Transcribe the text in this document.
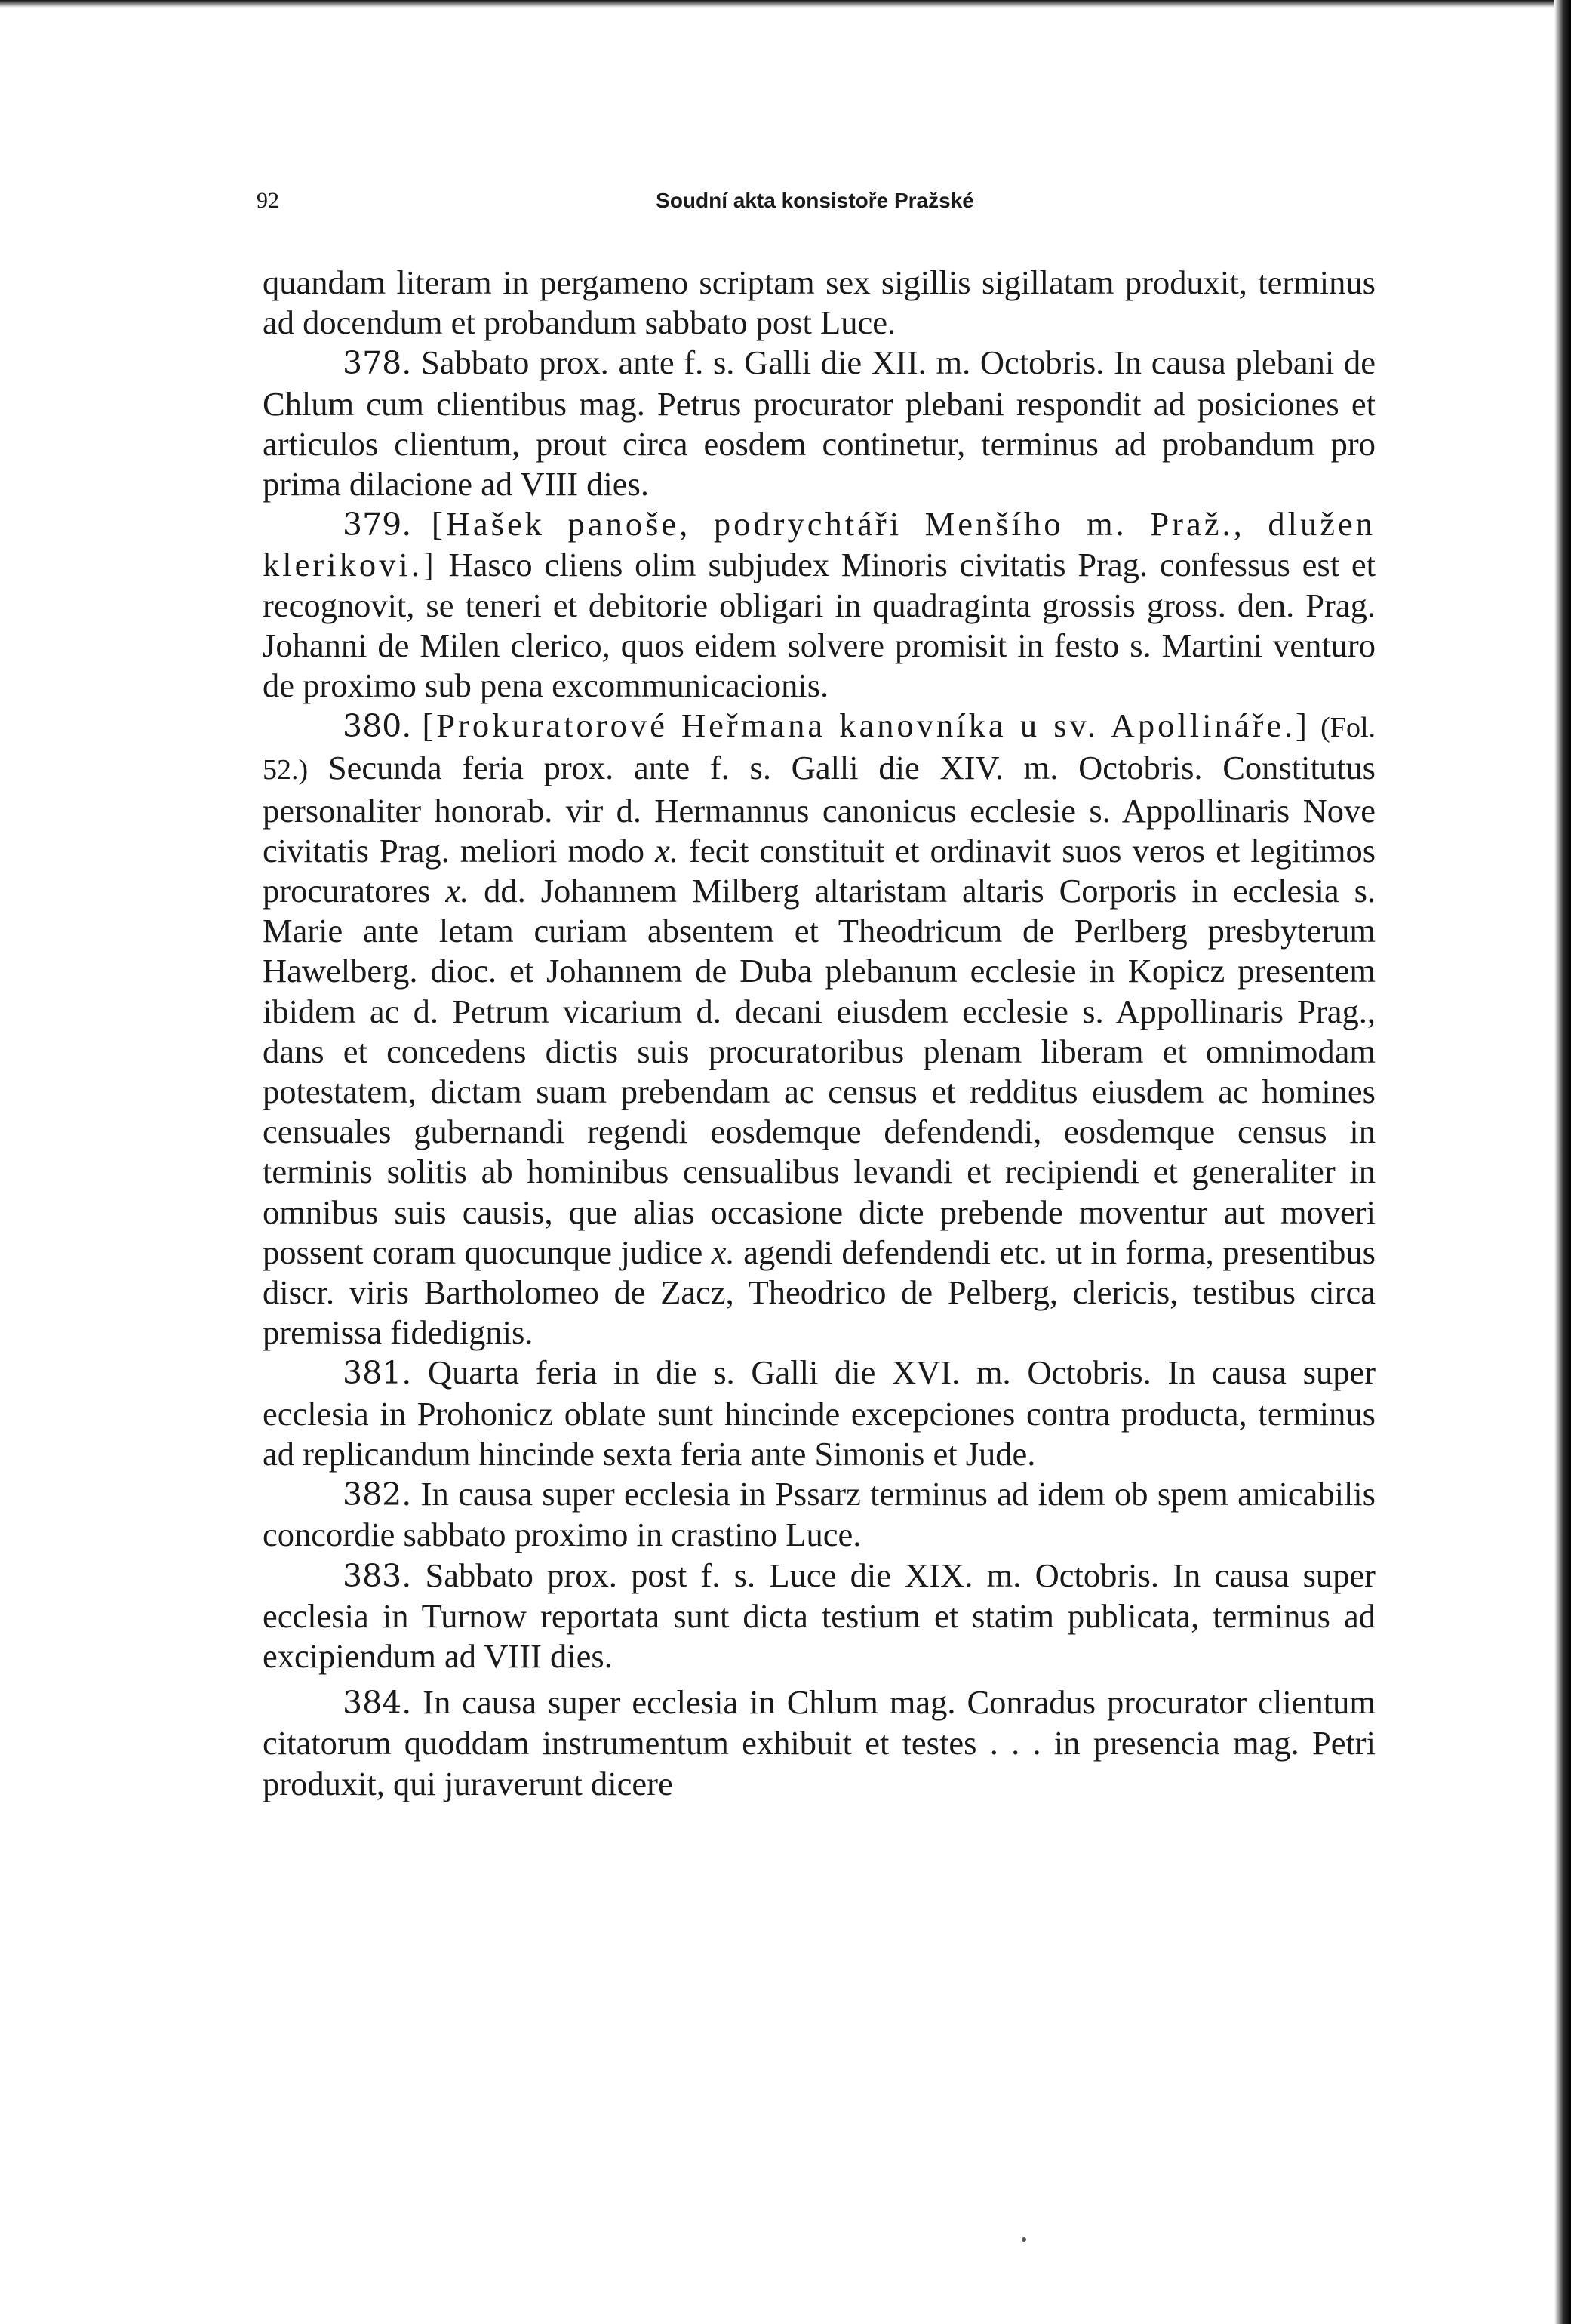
92	Soudní akta konsistoře Pražské

quandam literam in pergameno scriptam sex sigillis sigillatam produxit, terminus ad docendum et probandum sabbato post Luce.

378. Sabbato prox. ante f. s. Galli die XII. m. Octobris. In causa plebani de Chlum cum clientibus mag. Petrus procurator plebani respondit ad posiciones et articulos clientum, prout circa eosdem continetur, terminus ad probandum pro prima dilacione ad VIII dies.

379. [Hašek panoše, podrychtáři Menšího m. Praž., dlužen klerikovi.] Hasco cliens olim subjudex Minoris civitatis Prag. confessus est et recognovit, se teneri et debitorie obligari in quadraginta grossis gross. den. Prag. Johanni de Milen clerico, quos eidem solvere promisit in festo s. Martini venturo de proximo sub pena excommunicacionis.

380. [Prokuratorové Heřmana kanovníka u sv. Apollináře.] (Fol. 52.) Secunda feria prox. ante f. s. Galli die XIV. m. Octobris. Constitutus personaliter honorab. vir d. Hermannus canonicus ecclesie s. Appollinaris Nove civitatis Prag. meliori modo x. fecit constituit et ordinavit suos veros et legitimos procuratores x. dd. Johannem Milberg altaristam altaris Corporis in ecclesia s. Marie ante letam curiam absentem et Theodricum de Perlberg presbyterum Hawelberg. dioc. et Johannem de Duba plebanum ecclesie in Kopicz presentem ibidem ac d. Petrum vicarium d. decani eiusdem ecclesie s. Appollinaris Prag., dans et concedens dictis suis procuratoribus plenam liberam et omnimodam potestatem, dictam suam prebendam ac census et redditus eiusdem ac homines censuales gubernandi regendi eosdemque defendendi, eosdemque census in terminis solitis ab hominibus censualibus levandi et recipiendi et generaliter in omnibus suis causis, que alias occasione dicte prebende moventur aut moveri possent coram quocunque judice x. agendi defendendi etc. ut in forma, presentibus discr. viris Bartholomeo de Zacz, Theodrico de Pelberg, clericis, testibus circa premissa fidedignis.

381. Quarta feria in die s. Galli die XVI. m. Octobris. In causa super ecclesia in Prohonicz oblate sunt hincinde excepciones contra producta, terminus ad replicandum hincinde sexta feria ante Simonis et Jude.

382. In causa super ecclesia in Pssarz terminus ad idem ob spem amicabilis concordie sabbato proximo in crastino Luce.

383. Sabbato prox. post f. s. Luce die XIX. m. Octobris. In causa super ecclesia in Turnow reportata sunt dicta testium et statim publicata, terminus ad excipiendum ad VIII dies.

384. In causa super ecclesia in Chlum mag. Conradus procurator clientum citatorum quoddam instrumentum exhibuit et testes . . . in presencia mag. Petri produxit, qui juraverunt dicere
